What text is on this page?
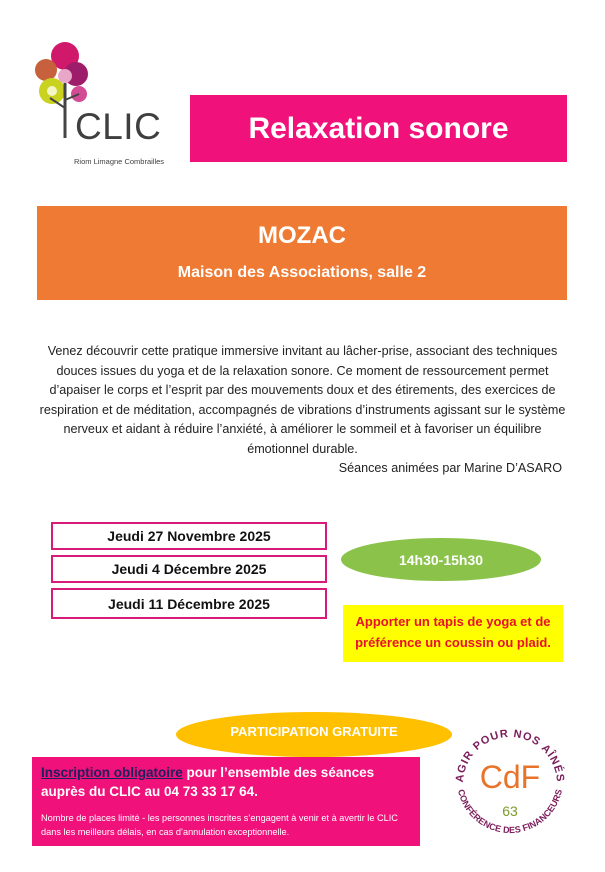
CLIC
Riom Limagne Combrailles
Relaxation sonore
MOZAC
Maison des Associations, salle 2
Venez découvrir cette pratique immersive invitant au lâcher-prise, associant des techniques douces issues du yoga et de la relaxation sonore. Ce moment de ressourcement permet d’apaiser le corps et l’esprit par des mouvements doux et des étirements, des exercices de respiration et de méditation, accompagnés de vibrations d’instruments agissant sur le système nerveux et aidant à réduire l’anxiété, à améliorer le sommeil et à favoriser un équilibre émotionnel durable.
Séances animées par Marine D’ASARO
Jeudi 27 Novembre 2025
Jeudi 4 Décembre 2025
Jeudi 11 Décembre 2025
14h30-15h30
Apporter un tapis de yoga et de préférence un coussin ou plaid.
PARTICIPATION GRATUITE
Inscription obligatoire pour l’ensemble des séances
auprès du CLIC au 04 73 33 17 64.
Nombre de places limité - les personnes inscrites s’engagent à venir et à avertir le CLIC dans les meilleurs délais, en cas d’annulation exceptionnelle.
AGIR POUR NOS AÎNÉS
CONFÉRENCE DES FINANCEURS
CdF
63
